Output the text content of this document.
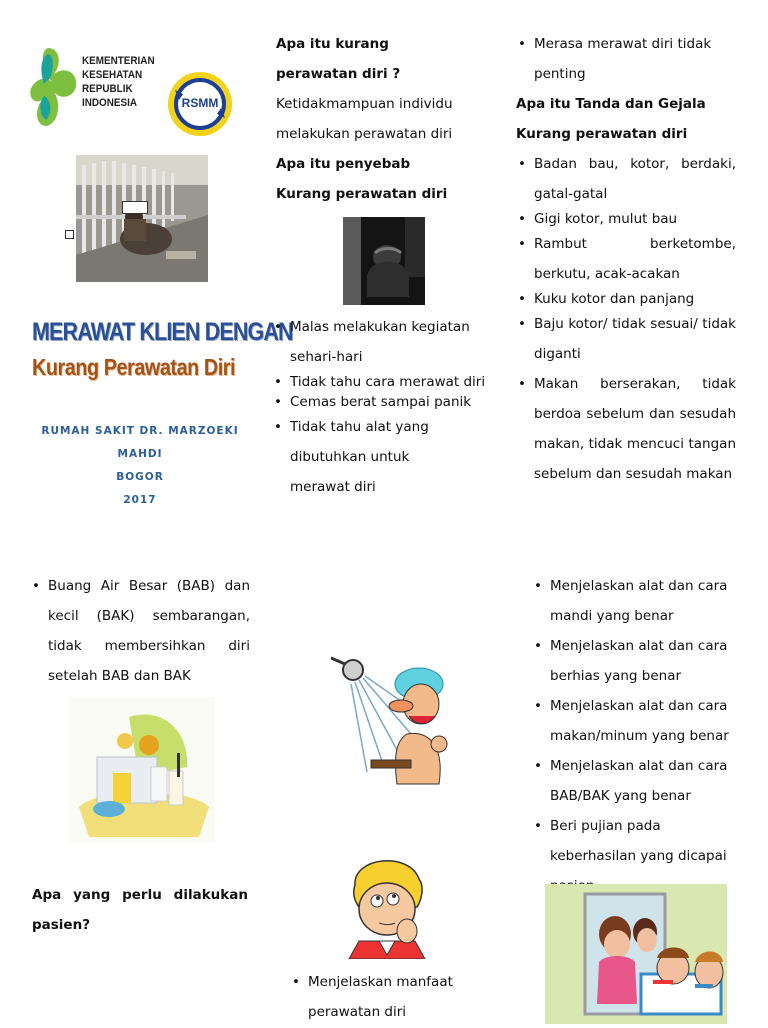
KEMENTERIAN
KESEHATAN
REPUBLIK
INDONESIA	RSMM
MERAWAT KLIEN DENGAN
Kurang Perawatan Diri
RUMAH SAKIT DR. MARZOEKI MAHDI
BOGOR
2017
Apa itu kurang perawatan diri ?
Ketidakmampuan individu melakukan perawatan diri
Apa itu penyebab Kurang perawatan diri
• Malas melakukan kegiatan sehari-hari
• Tidak tahu cara merawat diri
• Cemas berat sampai panik
• Tidak tahu alat yang dibutuhkan untuk merawat diri
• Merasa merawat diri tidak penting
Apa itu Tanda dan Gejala Kurang perawatan diri
• Badan bau, kotor, berdaki, gatal-gatal
• Gigi kotor, mulut bau
• Rambut berketombe, berkutu, acak-acakan
• Kuku kotor dan panjang
• Baju kotor/ tidak sesuai/ tidak diganti
• Makan berserakan, tidak berdoa sebelum dan sesudah makan, tidak mencuci tangan sebelum dan sesudah makan
• Buang Air Besar (BAB) dan kecil (BAK) sembarangan, tidak membersihkan diri setelah BAB dan BAK
Apa yang perlu dilakukan pasien?
• Menjelaskan manfaat perawatan diri
• Menjelaskan alat dan cara mandi yang benar
• Menjelaskan alat dan cara berhias yang benar
• Menjelaskan alat dan cara makan/minum yang benar
• Menjelaskan alat dan cara BAB/BAK yang benar
• Beri pujian pada keberhasilan yang dicapai
